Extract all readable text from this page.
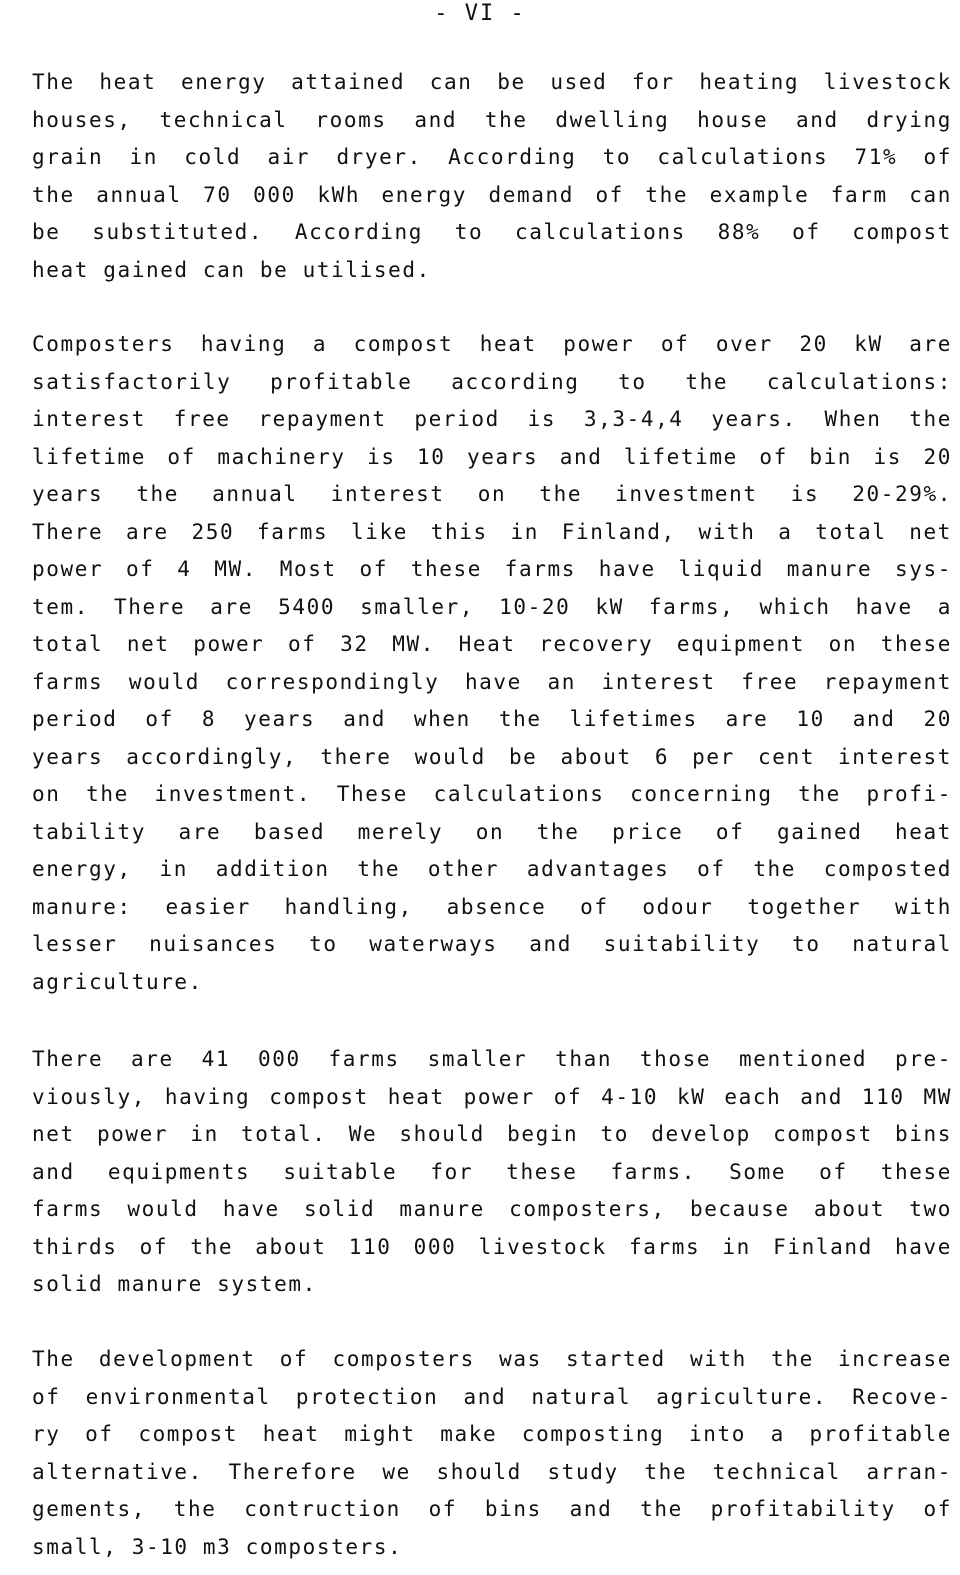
- VI -
The heat energy attained can be used for heating livestock
houses, technical rooms and the dwelling house and drying
grain in cold air dryer. According to calculations 71% of
the annual 70 000 kWh energy demand of the example farm can
be substituted. According to calculations 88% of compost
heat gained can be utilised.
Composters having a compost heat power of over 20 kW are
satisfactorily profitable according to the calculations:
interest free repayment period is 3,3-4,4 years. When the
lifetime of machinery is 10 years and lifetime of bin is 20
years the annual interest on the investment is 20-29%.
There are 250 farms like this in Finland, with a total net
power of 4 MW. Most of these farms have liquid manure sys-
tem. There are 5400 smaller, 10-20 kW farms, which have a
total net power of 32 MW. Heat recovery equipment on these
farms would correspondingly have an interest free repayment
period of 8 years and when the lifetimes are 10 and 20
years accordingly, there would be about 6 per cent interest
on the investment. These calculations concerning the profi-
tability are based merely on the price of gained heat
energy, in addition the other advantages of the composted
manure: easier handling, absence of odour together with
lesser nuisances to waterways and suitability to natural
agriculture.
There are 41 000 farms smaller than those mentioned pre-
viously, having compost heat power of 4-10 kW each and 110 MW
net power in total. We should begin to develop compost bins
and equipments suitable for these farms. Some of these
farms would have solid manure composters, because about two
thirds of the about 110 000 livestock farms in Finland have
solid manure system.
The development of composters was started with the increase
of environmental protection and natural agriculture. Recove-
ry of compost heat might make composting into a profitable
alternative. Therefore we should study the technical arran-
gements, the contruction of bins and the profitability of
small, 3-10 m3 composters.
